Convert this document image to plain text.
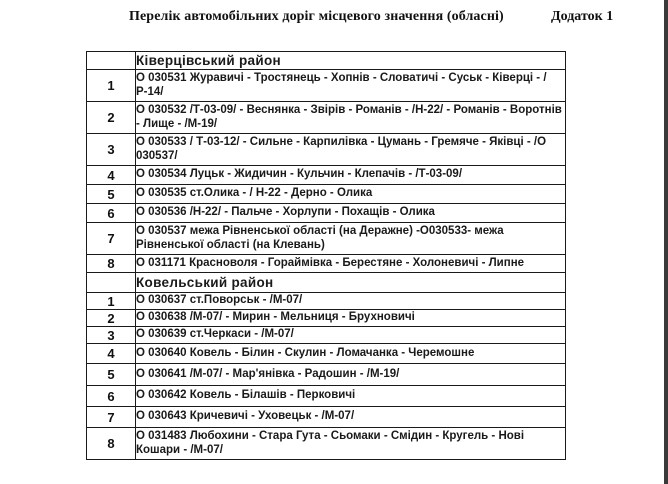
Перелік автомобільних доріг місцевого значення (обласні)	Додаток 1
	Ківерцівський район
1	О 030531 Журавичі - Тростянець - Хопнів - Словатичі - Суськ - Ківерці - /Р-14/
2	О 030532 /Т-03-09/ - Веснянка - Звірів - Романів - /Н-22/ - Романів - Воротнів - Лище - /М-19/
3	О 030533 / Т-03-12/ - Сильне - Карпилівка - Цумань - Гремяче - Яківці - /О 030537/
4	О 030534 Луцьк - Жидичин - Кульчин - Клепачів - /Т-03-09/
5	О 030535 ст.Олика - / Н-22 - Дерно - Олика
6	О 030536 /Н-22/ - Пальче - Хорлупи - Похащів - Олика
7	О 030537 межа Рівненської області (на Деражне) -О030533- межа Рівненської області (на Клевань)
8	О 031171 Красноволя - Гораймівка - Берестяне - Холоневичі - Липне
	Ковельський район
1	О 030637 ст.Поворськ - /М-07/
2	О 030638 /М-07/ - Мирин - Мельниця - Брухновичі
3	О 030639 ст.Черкаси - /М-07/
4	О 030640 Ковель - Білин - Скулин - Ломачанка - Черемошне
5	О 030641 /М-07/ - Мар'янівка - Радошин - /М-19/
6	О 030642 Ковель - Білашів - Перковичі
7	О 030643 Кричевичі - Уховецьк - /М-07/
8	О 031483 Любохини - Стара Гута - Сьомаки - Смідин - Кругель - Нові Кошари - /М-07/
